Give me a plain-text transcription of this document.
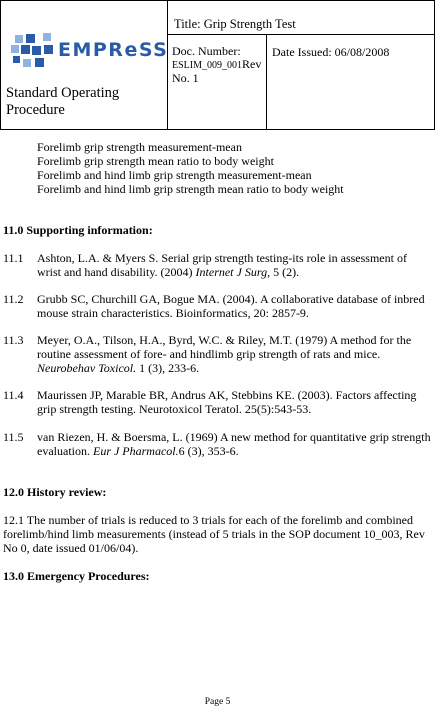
EMPReSS
Standard Operating
Procedure
Title: Grip Strength Test
Doc. Number:
ESLIM_009_001Rev
No. 1
Date Issued: 06/08/2008
Forelimb grip strength measurement-mean
Forelimb grip strength mean ratio to body weight
Forelimb and hind limb grip strength measurement-mean
Forelimb and hind limb grip strength mean ratio to body weight
11.0 Supporting information:
11.1 Ashton, L.A. & Myers S. Serial grip strength testing-its role in assessment of wrist and hand disability. (2004) Internet J Surg, 5 (2).
11.2 Grubb SC, Churchill GA, Bogue MA. (2004). A collaborative database of inbred mouse strain characteristics. Bioinformatics, 20: 2857-9.
11.3 Meyer, O.A., Tilson, H.A., Byrd, W.C. & Riley, M.T. (1979) A method for the routine assessment of fore- and hindlimb grip strength of rats and mice. Neurobehav Toxicol. 1 (3), 233-6.
11.4 Maurissen JP, Marable BR, Andrus AK, Stebbins KE. (2003). Factors affecting grip strength testing. Neurotoxicol Teratol. 25(5):543-53.
11.5 van Riezen, H. & Boersma, L. (1969) A new method for quantitative grip strength evaluation. Eur J Pharmacol.6 (3), 353-6.
12.0 History review:
12.1 The number of trials is reduced to 3 trials for each of the forelimb and combined forelimb/hind limb measurements (instead of 5 trials in the SOP document 10_003, Rev No 0, date issued 01/06/04).
13.0 Emergency Procedures:
Page 5
